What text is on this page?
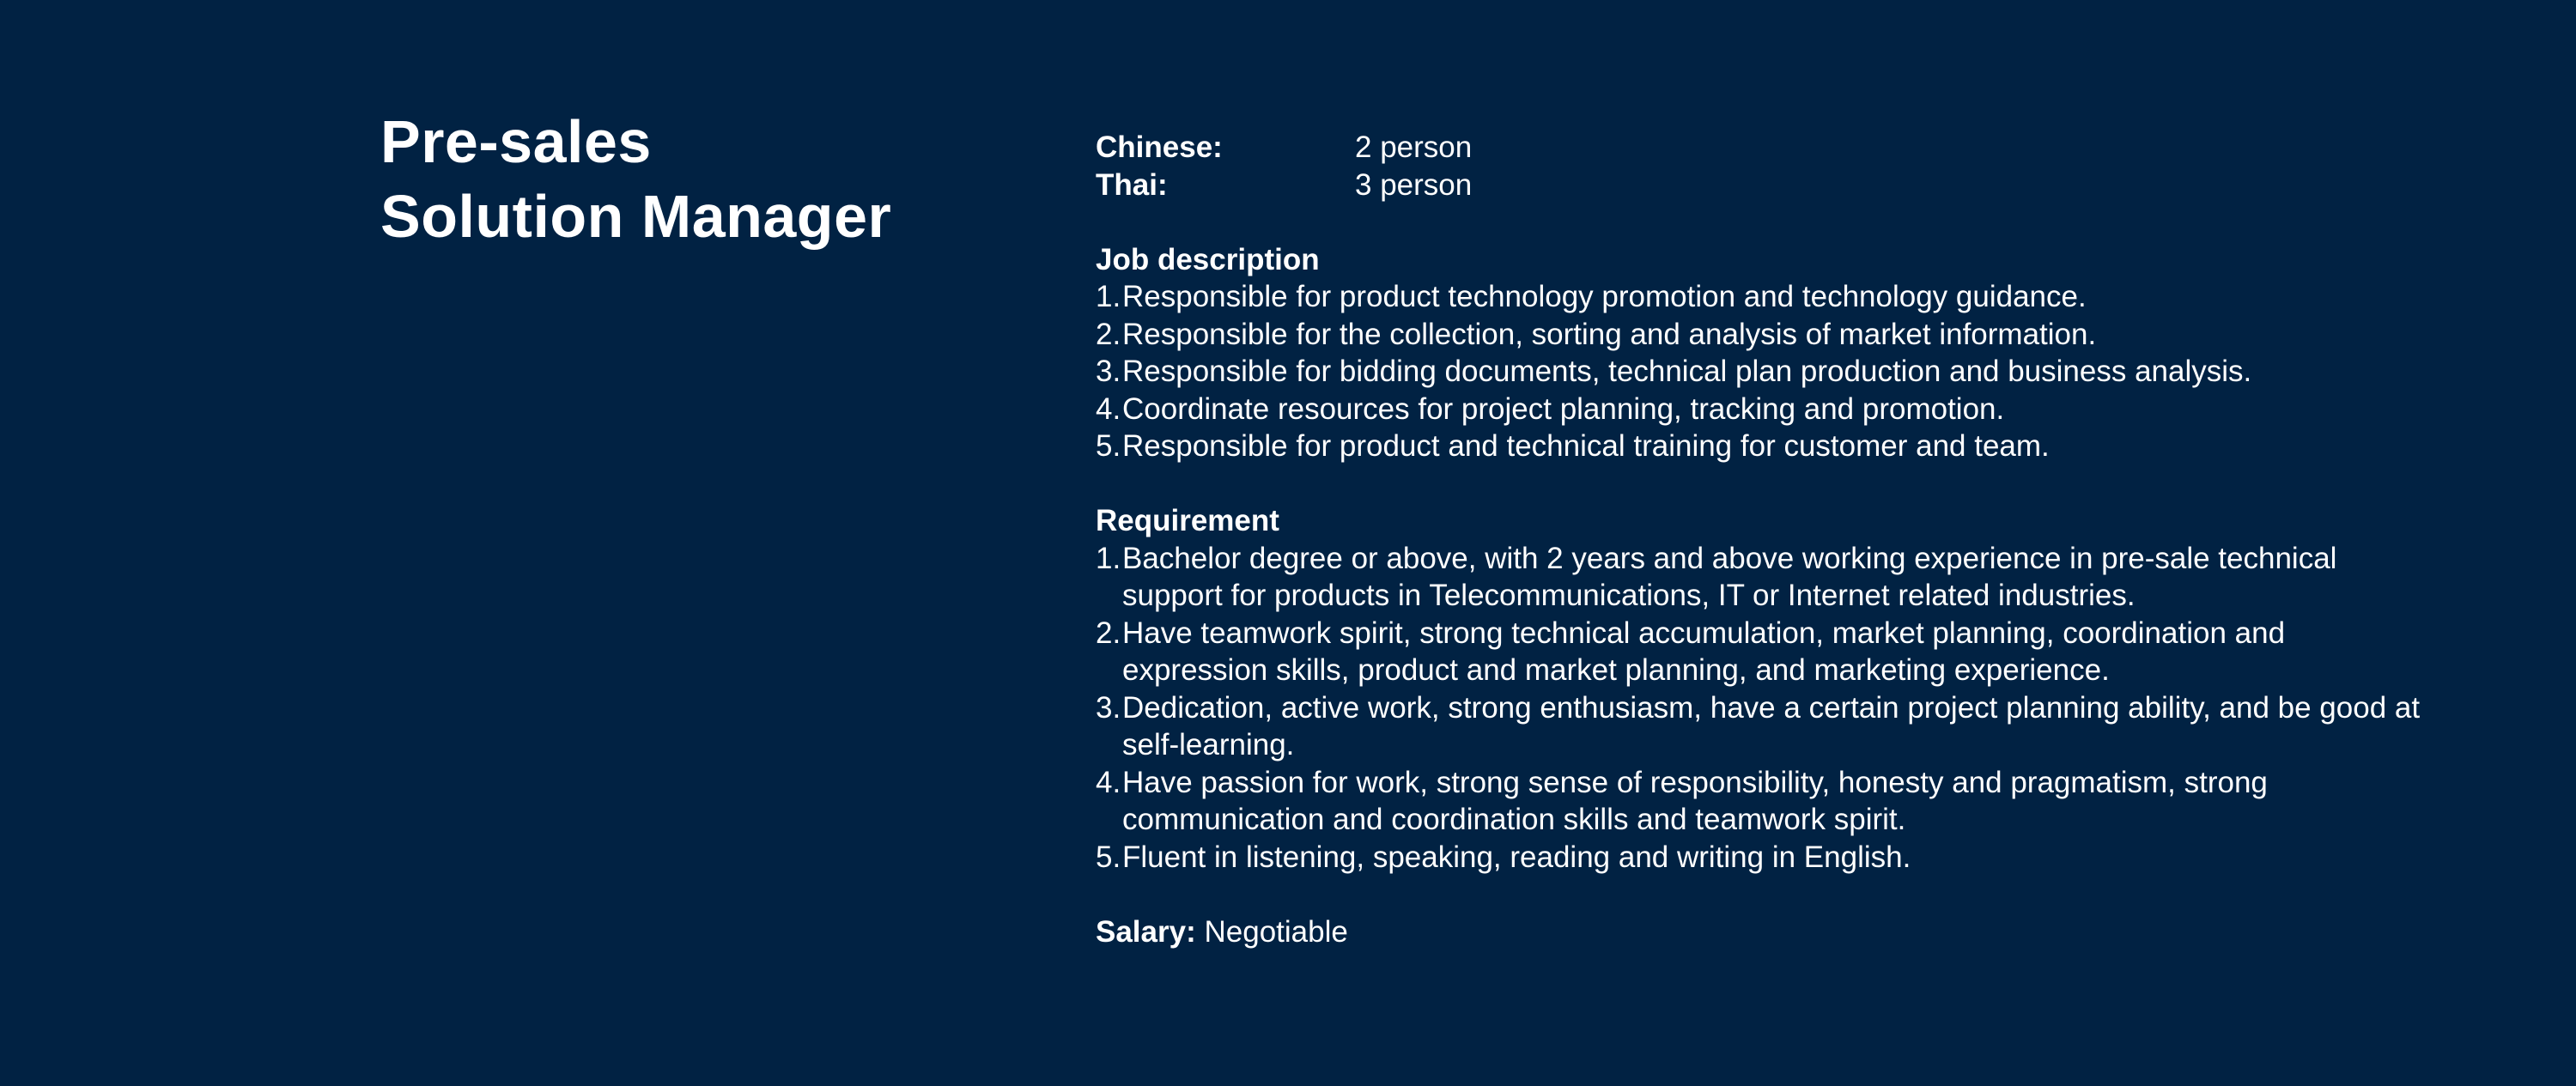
Pre-sales
Solution Manager
Chinese:	2 person
Thai:	3 person
Job description
1. Responsible for product technology promotion and technology guidance.
2. Responsible for the collection, sorting and analysis of market information.
3. Responsible for bidding documents, technical plan production and business analysis.
4. Coordinate resources for project planning, tracking and promotion.
5. Responsible for product and technical training for customer and team.
Requirement
1. Bachelor degree or above, with 2 years and above working experience in pre-sale technical support for products in Telecommunications, IT or Internet related industries.
2. Have teamwork spirit, strong technical accumulation, market planning, coordination and expression skills, product and market planning, and marketing experience.
3. Dedication, active work, strong enthusiasm, have a certain project planning ability, and be good at self-learning.
4. Have passion for work, strong sense of responsibility, honesty and pragmatism, strong communication and coordination skills and teamwork spirit.
5. Fluent in listening, speaking, reading and writing in English.
Salary: Negotiable
